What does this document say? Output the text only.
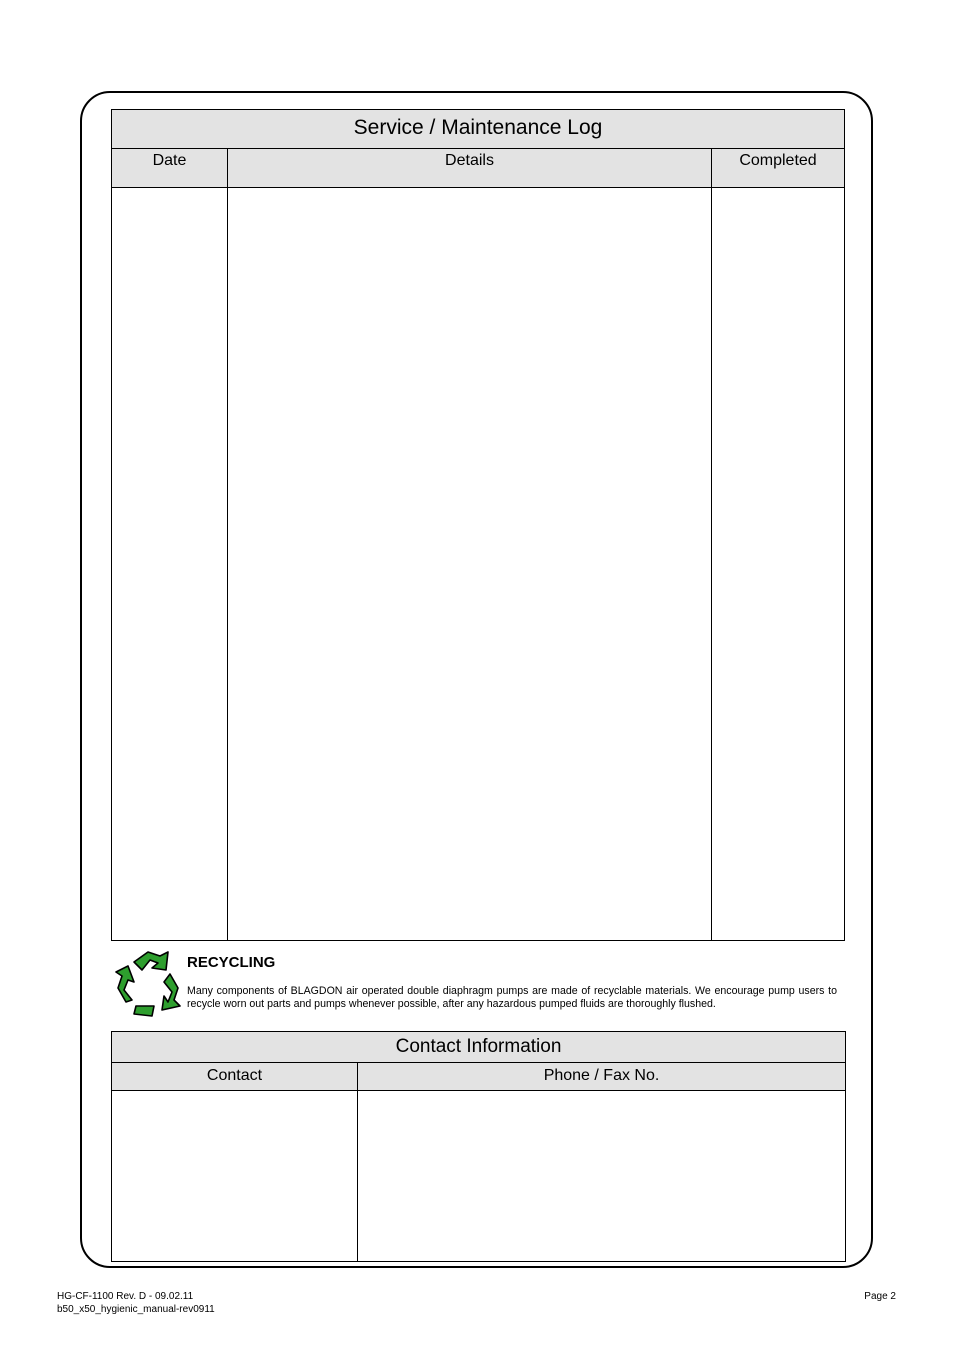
Service / Maintenance Log
Date	Details	Completed
RECYCLING
Many components of BLAGDON air operated double diaphragm pumps are made of recyclable materials. We encourage pump users to recycle worn out parts and pumps whenever possible, after any hazardous pumped fluids are thoroughly flushed.
Contact Information
Contact	Phone / Fax No.
HG-CF-1100 Rev. D - 09.02.11
b50_x50_hygienic_manual-rev0911
Page 2
